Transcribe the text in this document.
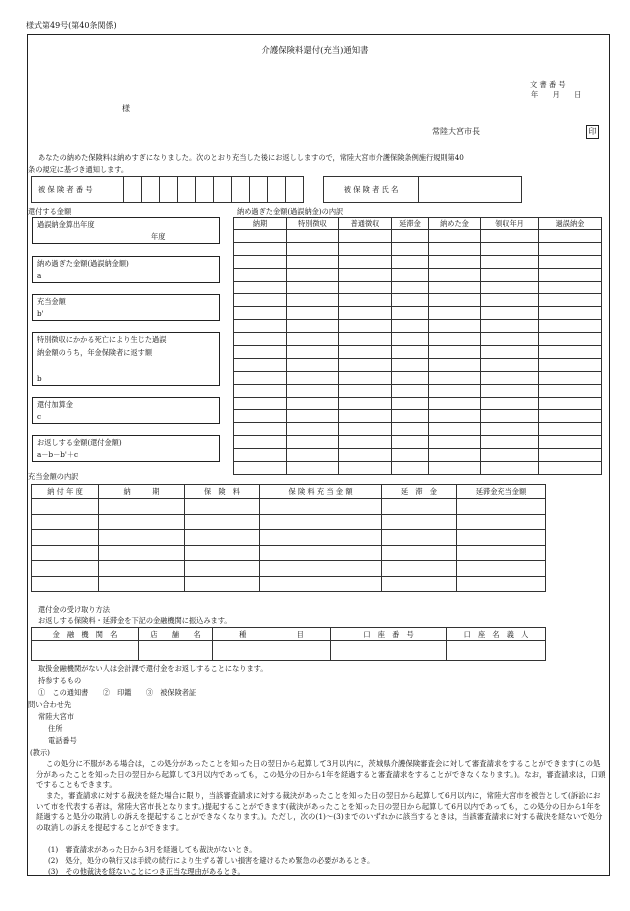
様式第49号(第40条関係)
介護保険料還付(充当)通知書
文 書 番 号
年　　月　　日
様
常陸大宮市長	印
あなたの納めた保険料は納めすぎになりました。次のとおり充当した後にお返ししますので，常陸大宮市介護保険条例施行規則第40
条の規定に基づき通知します。
被 保 険 者 番 号												被 保 険 者 氏 名	
還付する金額
過誤納金算出年度
年度
納め過ぎた金額(過誤納金額)
a
充当金額
b'
特別徴収にかかる死亡により生じた過誤
納金額のうち，年金保険者に返す額
b
還付加算金
c
お返しする金額(還付金額)
a－b－b'＋c
納め過ぎた金額(過誤納金)の内訳
納期	特別徴収	普通徴収	延滞金	納めた金	領収年月	過誤納金

充当金額の内訳
納 付 年 度	納　　　期	保　険　料	保 険 料 充 当 金 額	延　滞　金	延滞金充当金額

還付金の受け取り方法
お返しする保険料・延滞金を下記の金融機関に振込みます。
金　融　機　関　名	店　　舗　　名	種　　　　　　　目	口　座　番　号	口　座　名　義　人

取扱金融機関がない人は会計課で還付金をお返しすることになります。
持参するもの
①　この通知書　　②　印鑑　　③　被保険者証
問い合わせ先
常陸大宮市
住所
電話番号
(教示)
この処分に不服がある場合は，この処分があったことを知った日の翌日から起算して3月以内に，茨城県介護保険審査会に対して審査請求をすることができます(この処分があったことを知った日の翌日から起算して3月以内であっても，この処分の日から1年を経過すると審査請求をすることができなくなります。)。なお，審査請求は，口頭ですることもできます。
また，審査請求に対する裁決を経た場合に限り，当該審査請求に対する裁決があったことを知った日の翌日から起算して6月以内に，常陸大宮市を被告として(訴訟において市を代表する者は，常陸大宮市長となります。)提起することができます(裁決があったことを知った日の翌日から起算して6月以内であっても，この処分の日から1年を経過すると処分の取消しの訴えを提起することができなくなります。)。ただし，次の(1)～(3)までのいずれかに該当するときは，当該審査請求に対する裁決を経ないで処分の取消しの訴えを提起することができます。
(1)　審査請求があった日から3月を経過しても裁決がないとき。
(2)　処分，処分の執行又は手続の続行により生ずる著しい損害を避けるため緊急の必要があるとき。
(3)　その他裁決を経ないことにつき正当な理由があるとき。
